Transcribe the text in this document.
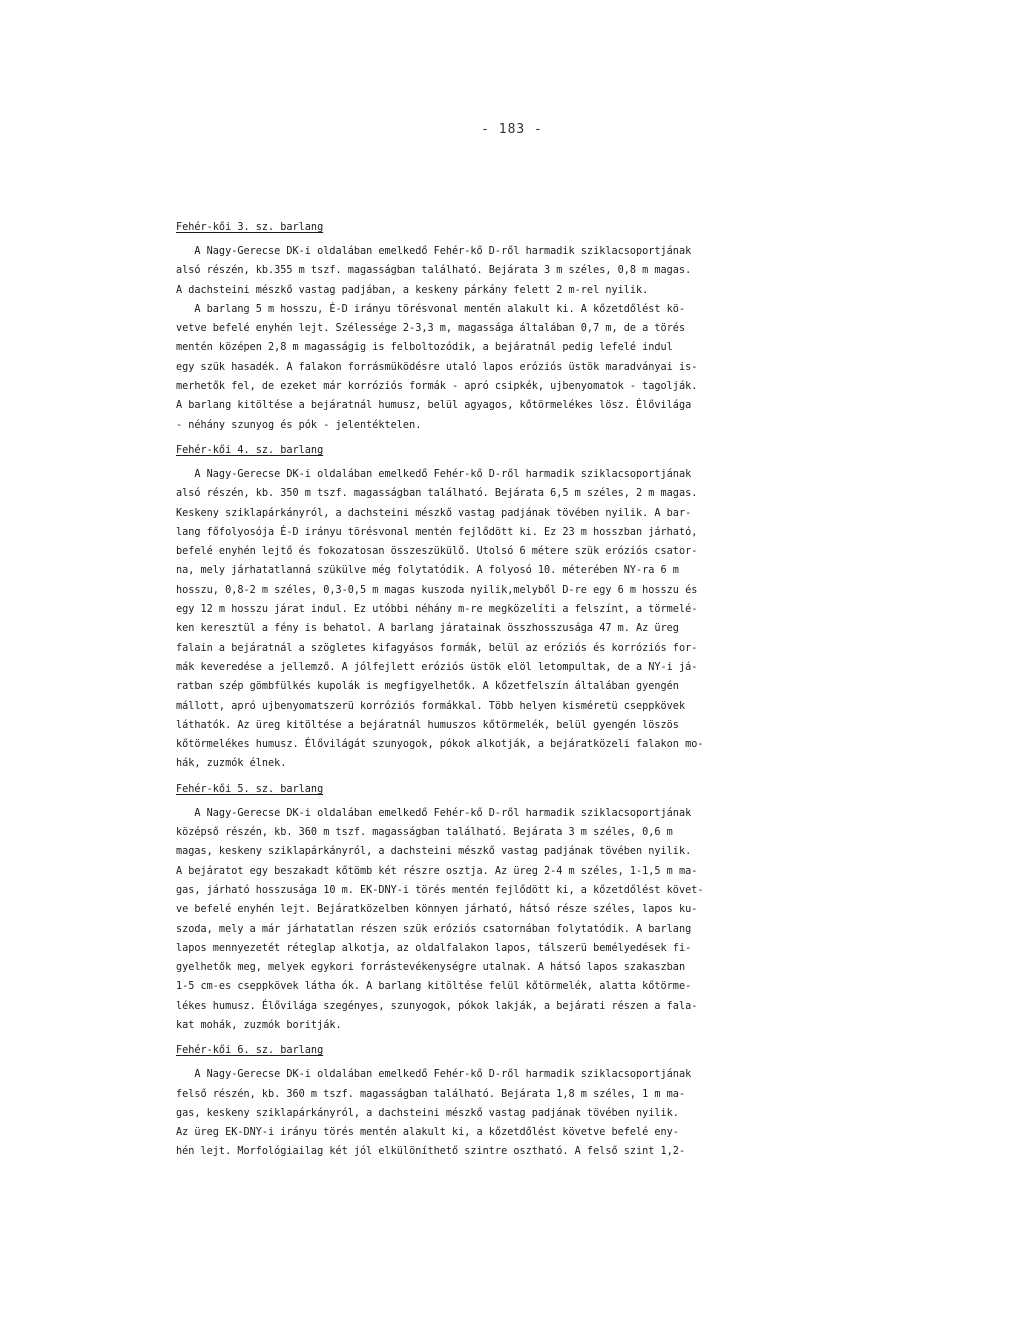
- 183 -
Fehér-kői 3. sz. barlang
A Nagy-Gerecse DK-i oldalában emelkedő Fehér-kő D-ről harmadik sziklacsoportjának
alsó részén, kb.355 m tszf. magasságban található. Bejárata 3 m széles, 0,8 m magas.
A dachsteini mészkő vastag padjában, a keskeny párkány felett 2 m-rel nyilik.
A barlang 5 m hosszu, É-D irányu törésvonal mentén alakult ki. A kőzetdőlést kö-
vetve befelé enyhén lejt. Szélessége 2-3,3 m, magassága általában 0,7 m, de a törés
mentén középen 2,8 m magasságig is felboltozódik, a bejáratnál pedig lefelé indul
egy szük hasadék. A falakon forrásmüködésre utaló lapos eróziós üstök maradványai is-
merhetők fel, de ezeket már korróziós formák - apró csipkék, ujbenyomatok - tagolják.
A barlang kitöltése a bejáratnál humusz, belül agyagos, kőtörmelékes lösz. Élővilága
- néhány szunyog és pók - jelentéktelen.
Fehér-kői 4. sz. barlang
A Nagy-Gerecse DK-i oldalában emelkedő Fehér-kő D-ről harmadik sziklacsoportjának
alsó részén, kb. 350 m tszf. magasságban található. Bejárata 6,5 m széles, 2 m magas.
Keskeny sziklapárkányról, a dachsteini mészkő vastag padjának tövében nyilik. A bar-
lang főfolyosója É-D irányu törésvonal mentén fejlődött ki. Ez 23 m hosszban járható,
befelé enyhén lejtő és fokozatosan összeszükülő. Utolsó 6 métere szük eróziós csator-
na, mely járhatatlanná szükülve még folytatódik. A folyosó 10. méterében NY-ra 6 m
hosszu, 0,8-2 m széles, 0,3-0,5 m magas kuszoda nyilik,melyből D-re egy 6 m hosszu és
egy 12 m hosszu járat indul. Ez utóbbi néhány m-re megközelíti a felszínt, a törmelé-
ken keresztül a fény is behatol. A barlang járatainak összhosszusága 47 m. Az üreg
falain a bejáratnál a szögletes kifagyásos formák, belül az eróziós és korróziós for-
mák keveredése a jellemző. A jólfejlett eróziós üstök elöl letompultak, de a NY-i já-
ratban szép gömbfülkés kupolák is megfigyelhetők. A kőzetfelszín általában gyengén
mállott, apró ujbenyomatszerü korróziós formákkal. Több helyen kisméretü cseppkövek
láthatók. Az üreg kitöltése a bejáratnál humuszos kőtörmelék, belül gyengén löszös
kőtörmelékes humusz. Élővilágát szunyogok, pókok alkotják, a bejáratközeli falakon mo-
hák, zuzmók élnek.
Fehér-kői 5. sz. barlang
A Nagy-Gerecse DK-i oldalában emelkedő Fehér-kő D-ről harmadik sziklacsoportjának
középső részén, kb. 360 m tszf. magasságban található. Bejárata 3 m széles, 0,6 m
magas, keskeny sziklapárkányról, a dachsteini mészkő vastag padjának tövében nyilik.
A bejáratot egy beszakadt kőtömb két részre osztja. Az üreg 2-4 m széles, 1-1,5 m ma-
gas, járható hosszusága 10 m. EK-DNY-i törés mentén fejlődött ki, a kőzetdőlést követ-
ve befelé enyhén lejt. Bejáratközelben könnyen járható, hátsó része széles, lapos ku-
szoda, mely a már járhatatlan részen szük eróziós csatornában folytatódik. A barlang
lapos mennyezetét réteglap alkotja, az oldalfalakon lapos, tálszerü bemélyedések fi-
gyelhetők meg, melyek egykori forrástevékenységre utalnak. A hátsó lapos szakaszban
1-5 cm-es cseppkövek látha ók. A barlang kitöltése felül kőtörmelék, alatta kőtörme-
lékes humusz. Élővilága szegényes, szunyogok, pókok lakják, a bejárati részen a fala-
kat mohák, zuzmók boritják.
Fehér-kői 6. sz. barlang
A Nagy-Gerecse DK-i oldalában emelkedő Fehér-kő D-ről harmadik sziklacsoportjának
felső részén, kb. 360 m tszf. magasságban található. Bejárata 1,8 m széles, 1 m ma-
gas, keskeny sziklapárkányról, a dachsteini mészkő vastag padjának tövében nyilik.
Az üreg EK-DNY-i irányu törés mentén alakult ki, a kőzetdőlést követve befelé eny-
hén lejt. Morfológiailag két jól elkülöníthető szintre osztható. A felső szint 1,2-
